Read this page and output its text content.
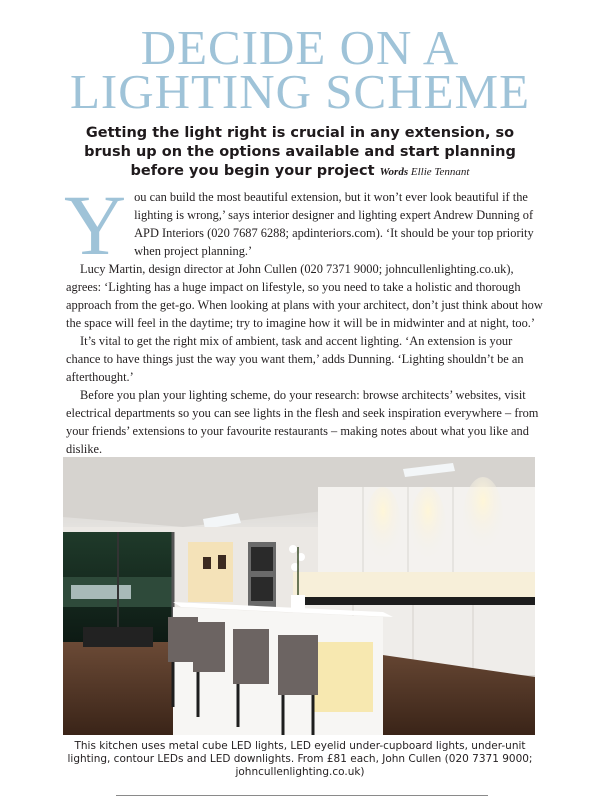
DECIDE ON A
LIGHTING SCHEME
Getting the light right is crucial in any extension, so brush up on the options available and start planning before you begin your project Words Ellie Tennant

You can build the most beautiful extension, but it won’t ever look beautiful if the lighting is wrong,’ says interior designer and lighting expert Andrew Dunning of APD Interiors (020 7687 6288; apdinteriors.com). ‘It should be your top priority when project planning.’

Lucy Martin, design director at John Cullen (020 7371 9000; johncullenlighting.co.uk), agrees: ‘Lighting has a huge impact on lifestyle, so you need to take a holistic and thorough approach from the get-go. When looking at plans with your architect, don’t just think about how the space will feel in the daytime; try to imagine how it will be in midwinter and at night, too.’

It’s vital to get the right mix of ambient, task and accent lighting. ‘An extension is your chance to have things just the way you want them,’ adds Dunning. ‘Lighting shouldn’t be an afterthought.’

Before you plan your lighting scheme, do your research: browse architects’ websites, visit electrical departments so you can see lights in the flesh and seek inspiration everywhere – from your friends’ extensions to your favourite restaurants – making notes about what you like and dislike.

This kitchen uses metal cube LED lights, LED eyelid under-cupboard lights, under-unit lighting, contour LEDs and LED downlights. From £81 each, John Cullen (020 7371 9000; johncullenlighting.co.uk)
